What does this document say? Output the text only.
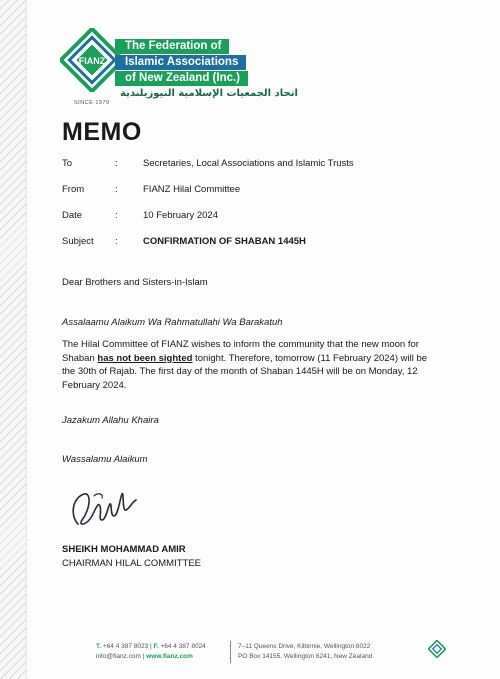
FIANZ
The Federation of
Islamic Associations
of New Zealand (Inc.)
اتحاد الجمعيات الإسلامية النيوزيلندية
SINCE 1979
MEMO
To	:	Secretaries, Local Associations and Islamic Trusts
From	:	FIANZ Hilal Committee
Date	:	10 February 2024
Subject :	CONFIRMATION OF SHABAN 1445H
Dear Brothers and Sisters-in-Islam
Assalaamu Alaikum Wa Rahmatullahi Wa Barakatuh
The Hilal Committee of FIANZ wishes to inform the community that the new moon for Shaban has not been sighted tonight. Therefore, tomorrow (11 February 2024) will be the 30th of Rajab. The first day of the month of Shaban 1445H will be on Monday, 12 February 2024.
Jazakum Allahu Khaira
Wassalamu Alaikum
SHEIKH MOHAMMAD AMIR
CHAIRMAN HILAL COMMITTEE
T. +64 4 387 8023 | F. +64 4 387 8024
info@fianz.com | www.fianz.com
7–11 Queens Drive, Kilbirnie, Wellington 6022
PO Box 14155, Wellington 6241, New Zealand
